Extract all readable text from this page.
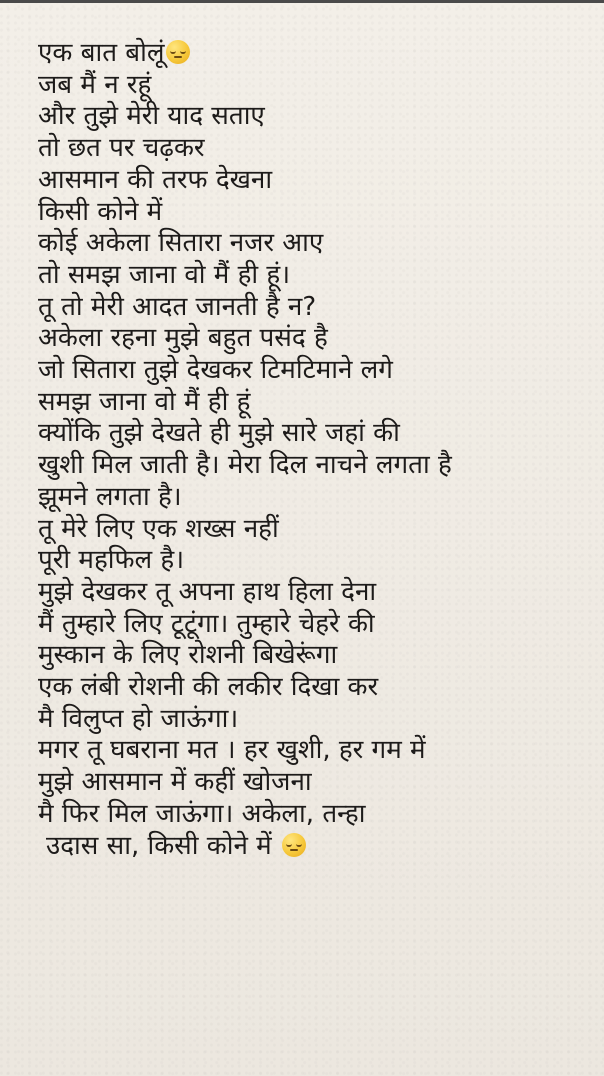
एक बात बोलूं
जब मैं न रहूं
और तुझे मेरी याद सताए
तो छत पर चढ़कर
आसमान की तरफ देखना
किसी कोने में
कोई अकेला सितारा नजर आए
तो समझ जाना वो मैं ही हूं।
तू तो मेरी आदत जानती है न?
अकेला रहना मुझे बहुत पसंद है
जो सितारा तुझे देखकर टिमटिमाने लगे
समझ जाना वो मैं ही हूं
क्योंकि तुझे देखते ही मुझे सारे जहां की
खुशी मिल जाती है। मेरा दिल नाचने लगता है
झूमने लगता है।
तू मेरे लिए एक शख्स नहीं
पूरी महफिल है।
मुझे देखकर तू अपना हाथ हिला देना
मैं तुम्हारे लिए टूटूंगा। तुम्हारे चेहरे की
मुस्कान के लिए रोशनी बिखेरूंगा
एक लंबी रोशनी की लकीर दिखा कर
मै विलुप्त हो जाऊंगा।
मगर तू घबराना मत । हर खुशी, हर गम में
मुझे आसमान में कहीं खोजना
मै फिर मिल जाऊंगा। अकेला, तन्हा
उदास सा, किसी कोने में
